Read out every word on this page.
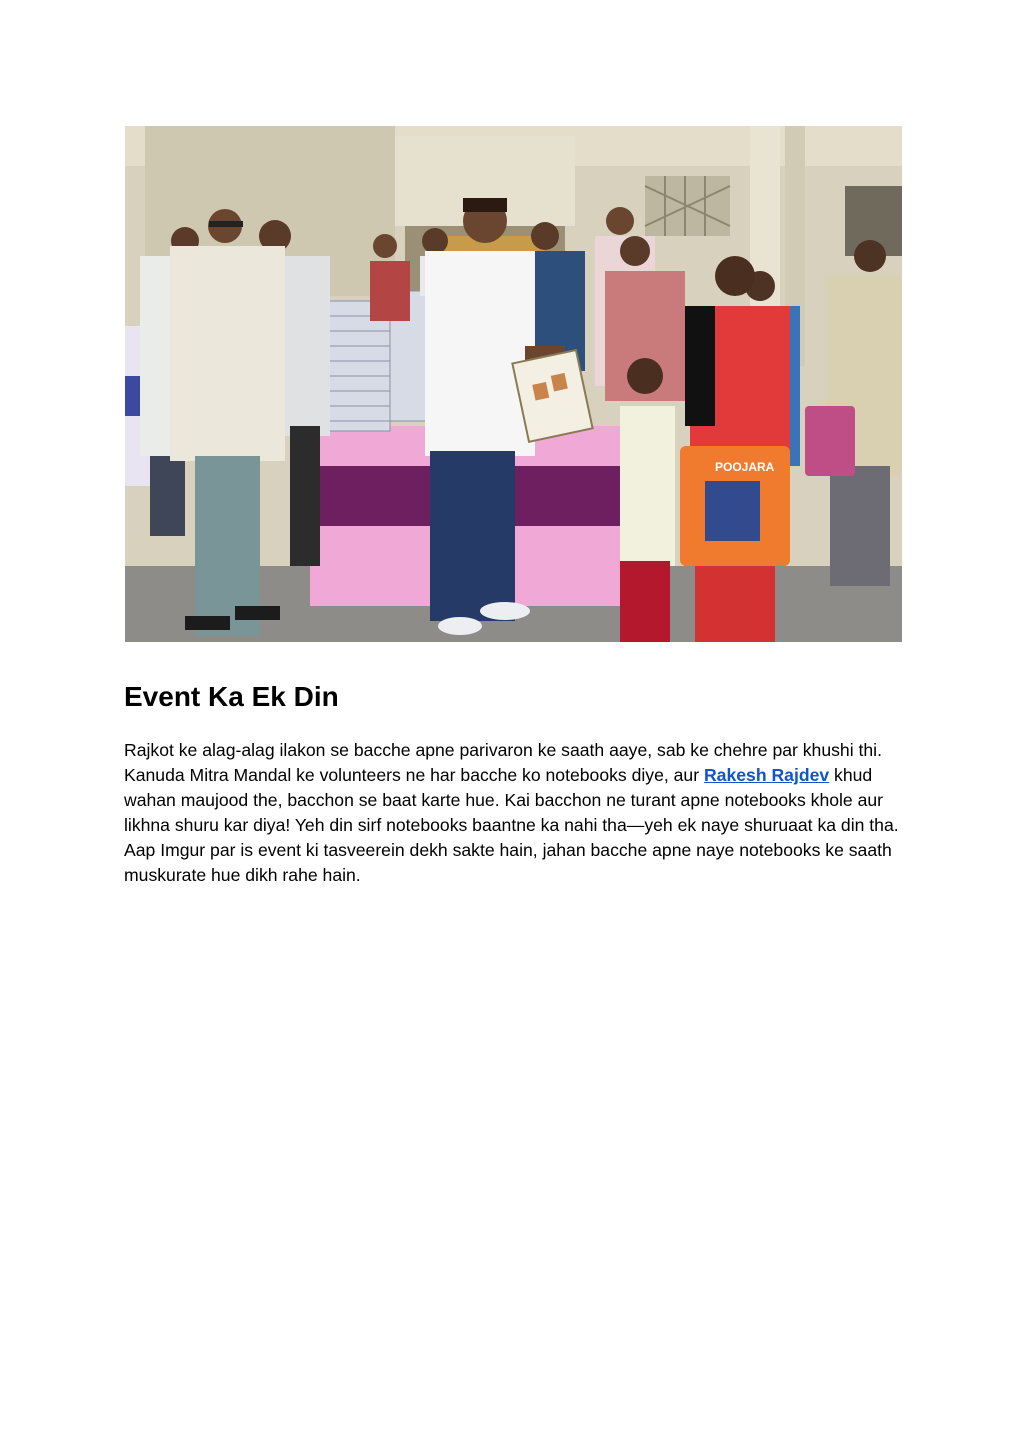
POOJARA
Event Ka Ek Din

Rajkot ke alag-alag ilakon se bacche apne parivaron ke saath aaye, sab ke chehre par khushi thi. Kanuda Mitra Mandal ke volunteers ne har bacche ko notebooks diye, aur Rakesh Rajdev khud wahan maujood the, bacchon se baat karte hue. Kai bacchon ne turant apne notebooks khole aur likhna shuru kar diya! Yeh din sirf notebooks baantne ka nahi tha—yeh ek naye shuruaat ka din tha. Aap Imgur par is event ki tasveerein dekh sakte hain, jahan bacche apne naye notebooks ke saath muskurate hue dikh rahe hain.
